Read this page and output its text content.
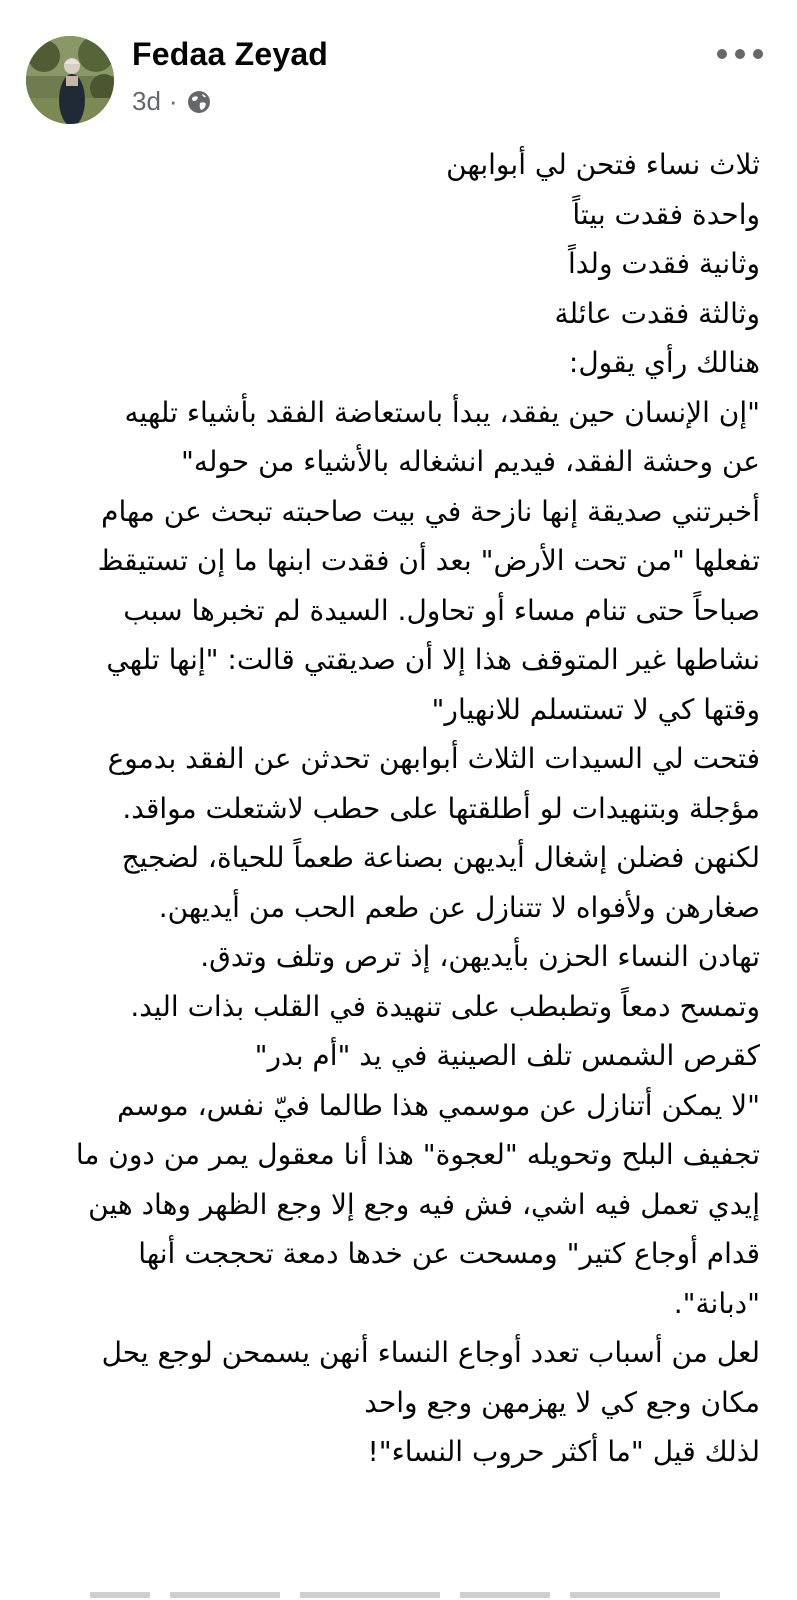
Fedaa Zeyad
3d ·
ثلاث نساء فتحن لي أبوابهن
واحدة فقدت بيتاً
وثانية فقدت ولداً
وثالثة فقدت عائلة
هنالك رأي يقول:
"إن الإنسان حين يفقد، يبدأ باستعاضة الفقد بأشياء تلهيه
عن وحشة الفقد، فيديم انشغاله بالأشياء من حوله"
أخبرتني صديقة إنها نازحة في بيت صاحبته تبحث عن مهام
تفعلها "من تحت الأرض" بعد أن فقدت ابنها ما إن تستيقظ
صباحاً حتى تنام مساء أو تحاول. السيدة لم تخبرها سبب
نشاطها غير المتوقف هذا إلا أن صديقتي قالت: "إنها تلهي
وقتها كي لا تستسلم للانهيار"
فتحت لي السيدات الثلاث أبوابهن تحدثن عن الفقد بدموع
مؤجلة وبتنهيدات لو أطلقتها على حطب لاشتعلت مواقد.
لكنهن فضلن إشغال أيديهن بصناعة طعماً للحياة، لضجيج
صغارهن ولأفواه لا تتنازل عن طعم الحب من أيديهن.
تهادن النساء الحزن بأيديهن، إذ ترص وتلف وتدق.
وتمسح دمعاً وتطبطب على تنهيدة في القلب بذات اليد.
كقرص الشمس تلف الصينية في يد "أم بدر"
"لا يمكن أتنازل عن موسمي هذا طالما فيّ نفس، موسم
تجفيف البلح وتحويله "لعجوة" هذا أنا معقول يمر من دون ما
إيدي تعمل فيه اشي، فش فيه وجع إلا وجع الظهر وهاد هين
قدام أوجاع كتير" ومسحت عن خدها دمعة تحججت أنها
"دبانة".
لعل من أسباب تعدد أوجاع النساء أنهن يسمحن لوجع يحل
مكان وجع كي لا يهزمهن وجع واحد
لذلك قيل "ما أكثر حروب النساء"!
